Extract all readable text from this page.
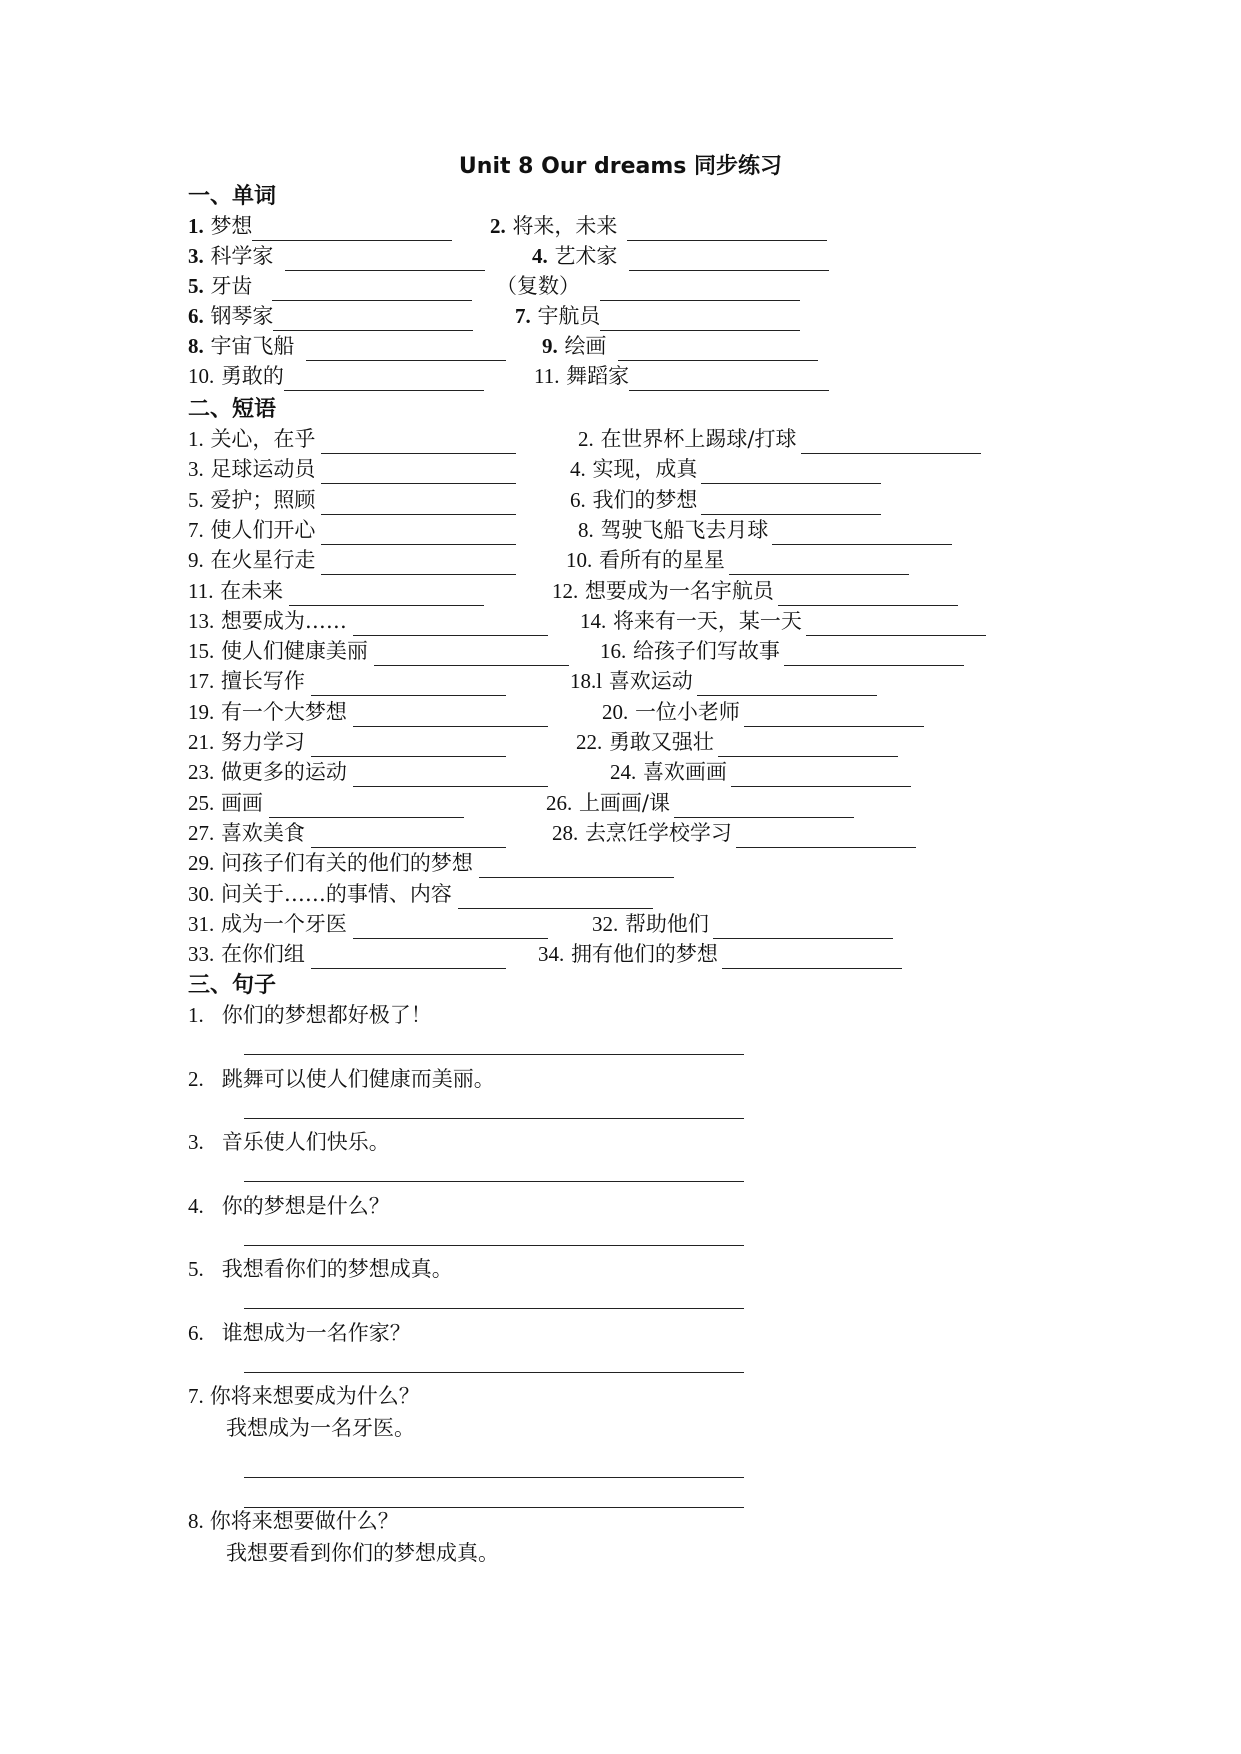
Unit 8 Our dreams 同步练习
一、单词
1. 梦想	2. 将来，未来
3. 科学家	4. 艺术家
5. 牙齿	（复数）
6. 钢琴家	7. 宇航员
8. 宇宙飞船	9. 绘画
10. 勇敢的	11. 舞蹈家
二、短语
1. 关心，在乎	2. 在世界杯上踢球/打球
3. 足球运动员	4. 实现，成真
5. 爱护；照顾	6. 我们的梦想
7. 使人们开心	8. 驾驶飞船飞去月球
9. 在火星行走	10. 看所有的星星
11. 在未来	12. 想要成为一名宇航员
13. 想要成为……	14. 将来有一天，某一天
15. 使人们健康美丽	16. 给孩子们写故事
17. 擅长写作	18.l 喜欢运动
19. 有一个大梦想	20. 一位小老师
21. 努力学习	22. 勇敢又强壮
23. 做更多的运动	24. 喜欢画画
25. 画画	26. 上画画/课
27. 喜欢美食	28. 去烹饪学校学习
29. 问孩子们有关的他们的梦想
30. 问关于……的事情、内容
31. 成为一个牙医	32. 帮助他们
33. 在你们组	34. 拥有他们的梦想
三、句子
1. 你们的梦想都好极了！
2. 跳舞可以使人们健康而美丽。
3. 音乐使人们快乐。
4. 你的梦想是什么？
5. 我想看你们的梦想成真。
6. 谁想成为一名作家？
7. 你将来想要成为什么？
我想成为一名牙医。
8. 你将来想要做什么？
我想要看到你们的梦想成真。
